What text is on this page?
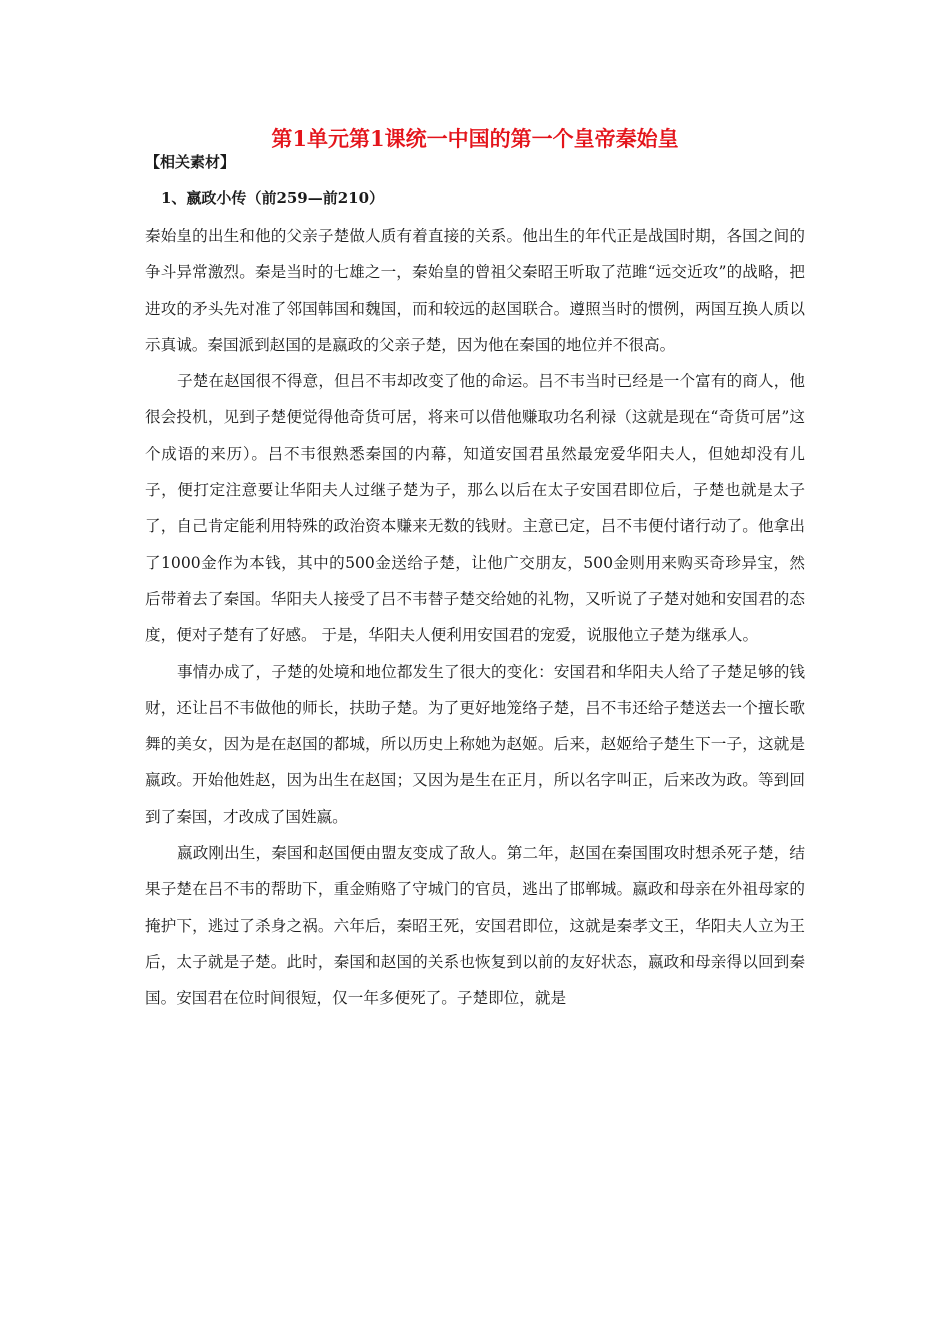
第1单元第1课统一中国的第一个皇帝秦始皇
【相关素材】
1、嬴政小传（前259—前210）

秦始皇的出生和他的父亲子楚做人质有着直接的关系。他出生的年代正是战国时期，各国之间的争斗异常激烈。秦是当时的七雄之一，秦始皇的曾祖父秦昭王听取了范雎“远交近攻”的战略，把进攻的矛头先对准了邻国韩国和魏国，而和较远的赵国联合。遵照当时的惯例，两国互换人质以示真诚。秦国派到赵国的是嬴政的父亲子楚，因为他在秦国的地位并不很高。

子楚在赵国很不得意，但吕不韦却改变了他的命运。吕不韦当时已经是一个富有的商人，他很会投机，见到子楚便觉得他奇货可居，将来可以借他赚取功名利禄（这就是现在“奇货可居”这个成语的来历）。吕不韦很熟悉秦国的内幕，知道安国君虽然最宠爱华阳夫人，但她却没有儿子，便打定注意要让华阳夫人过继子楚为子，那么以后在太子安国君即位后，子楚也就是太子了，自己肯定能利用特殊的政治资本赚来无数的钱财。主意已定，吕不韦便付诸行动了。他拿出了1000金作为本钱，其中的500金送给子楚，让他广交朋友，500金则用来购买奇珍异宝，然后带着去了秦国。华阳夫人接受了吕不韦替子楚交给她的礼物，又听说了子楚对她和安国君的态度，便对子楚有了好感。 于是，华阳夫人便利用安国君的宠爱，说服他立子楚为继承人。

事情办成了，子楚的处境和地位都发生了很大的变化：安国君和华阳夫人给了子楚足够的钱财，还让吕不韦做他的师长，扶助子楚。为了更好地笼络子楚，吕不韦还给子楚送去一个擅长歌舞的美女，因为是在赵国的都城，所以历史上称她为赵姬。后来，赵姬给子楚生下一子，这就是嬴政。开始他姓赵，因为出生在赵国；又因为是生在正月，所以名字叫正，后来改为政。等到回到了秦国，才改成了国姓嬴。

嬴政刚出生，秦国和赵国便由盟友变成了敌人。第二年，赵国在秦国围攻时想杀死子楚，结果子楚在吕不韦的帮助下，重金贿赂了守城门的官员，逃出了邯郸城。嬴政和母亲在外祖母家的掩护下，逃过了杀身之祸。六年后，秦昭王死，安国君即位，这就是秦孝文王，华阳夫人立为王后，太子就是子楚。此时，秦国和赵国的关系也恢复到以前的友好状态，嬴政和母亲得以回到秦国。安国君在位时间很短，仅一年多便死了。子楚即位，就是
